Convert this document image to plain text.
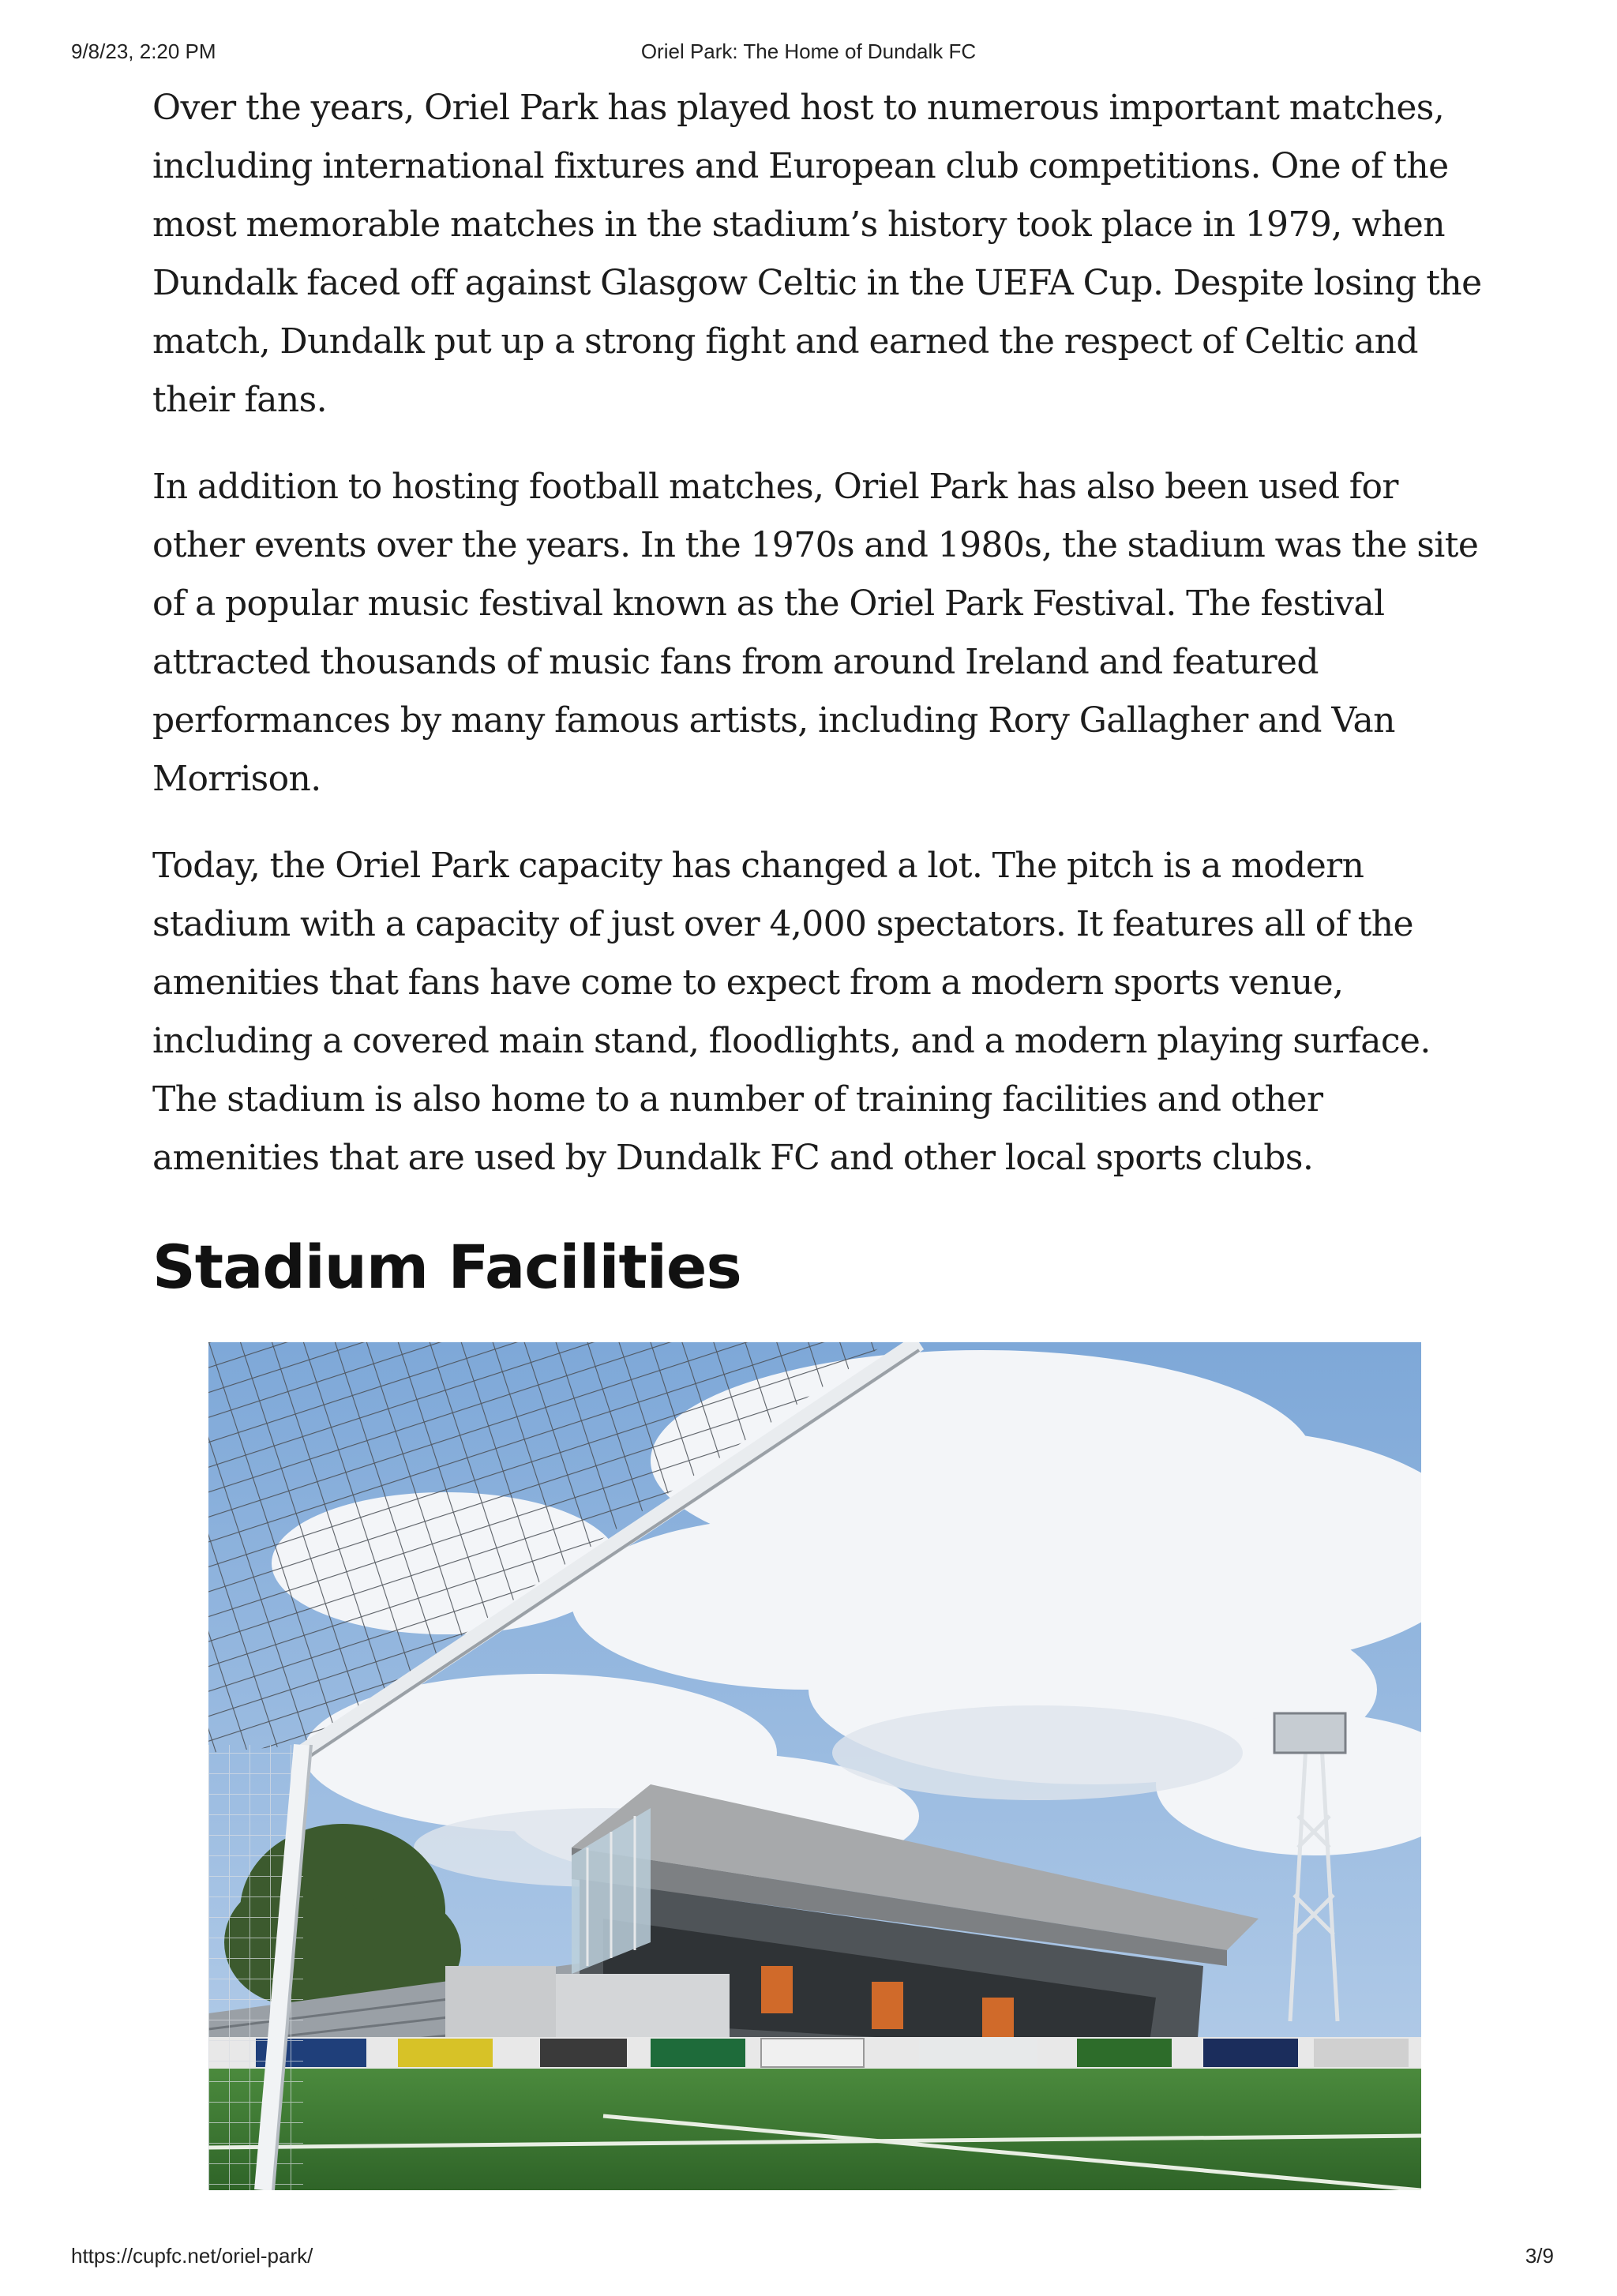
9/8/23, 2:20 PM	Oriel Park: The Home of Dundalk FC

Over the years, Oriel Park has played host to numerous important matches, including international fixtures and European club competitions. One of the most memorable matches in the stadium’s history took place in 1979, when Dundalk faced off against Glasgow Celtic in the UEFA Cup. Despite losing the match, Dundalk put up a strong fight and earned the respect of Celtic and their fans.

In addition to hosting football matches, Oriel Park has also been used for other events over the years. In the 1970s and 1980s, the stadium was the site of a popular music festival known as the Oriel Park Festival. The festival attracted thousands of music fans from around Ireland and featured performances by many famous artists, including Rory Gallagher and Van Morrison.

Today, the Oriel Park capacity has changed a lot. The pitch is a modern stadium with a capacity of just over 4,000 spectators. It features all of the amenities that fans have come to expect from a modern sports venue, including a covered main stand, floodlights, and a modern playing surface. The stadium is also home to a number of training facilities and other amenities that are used by Dundalk FC and other local sports clubs.

Stadium Facilities
https://cupfc.net/oriel-park/	3/9
